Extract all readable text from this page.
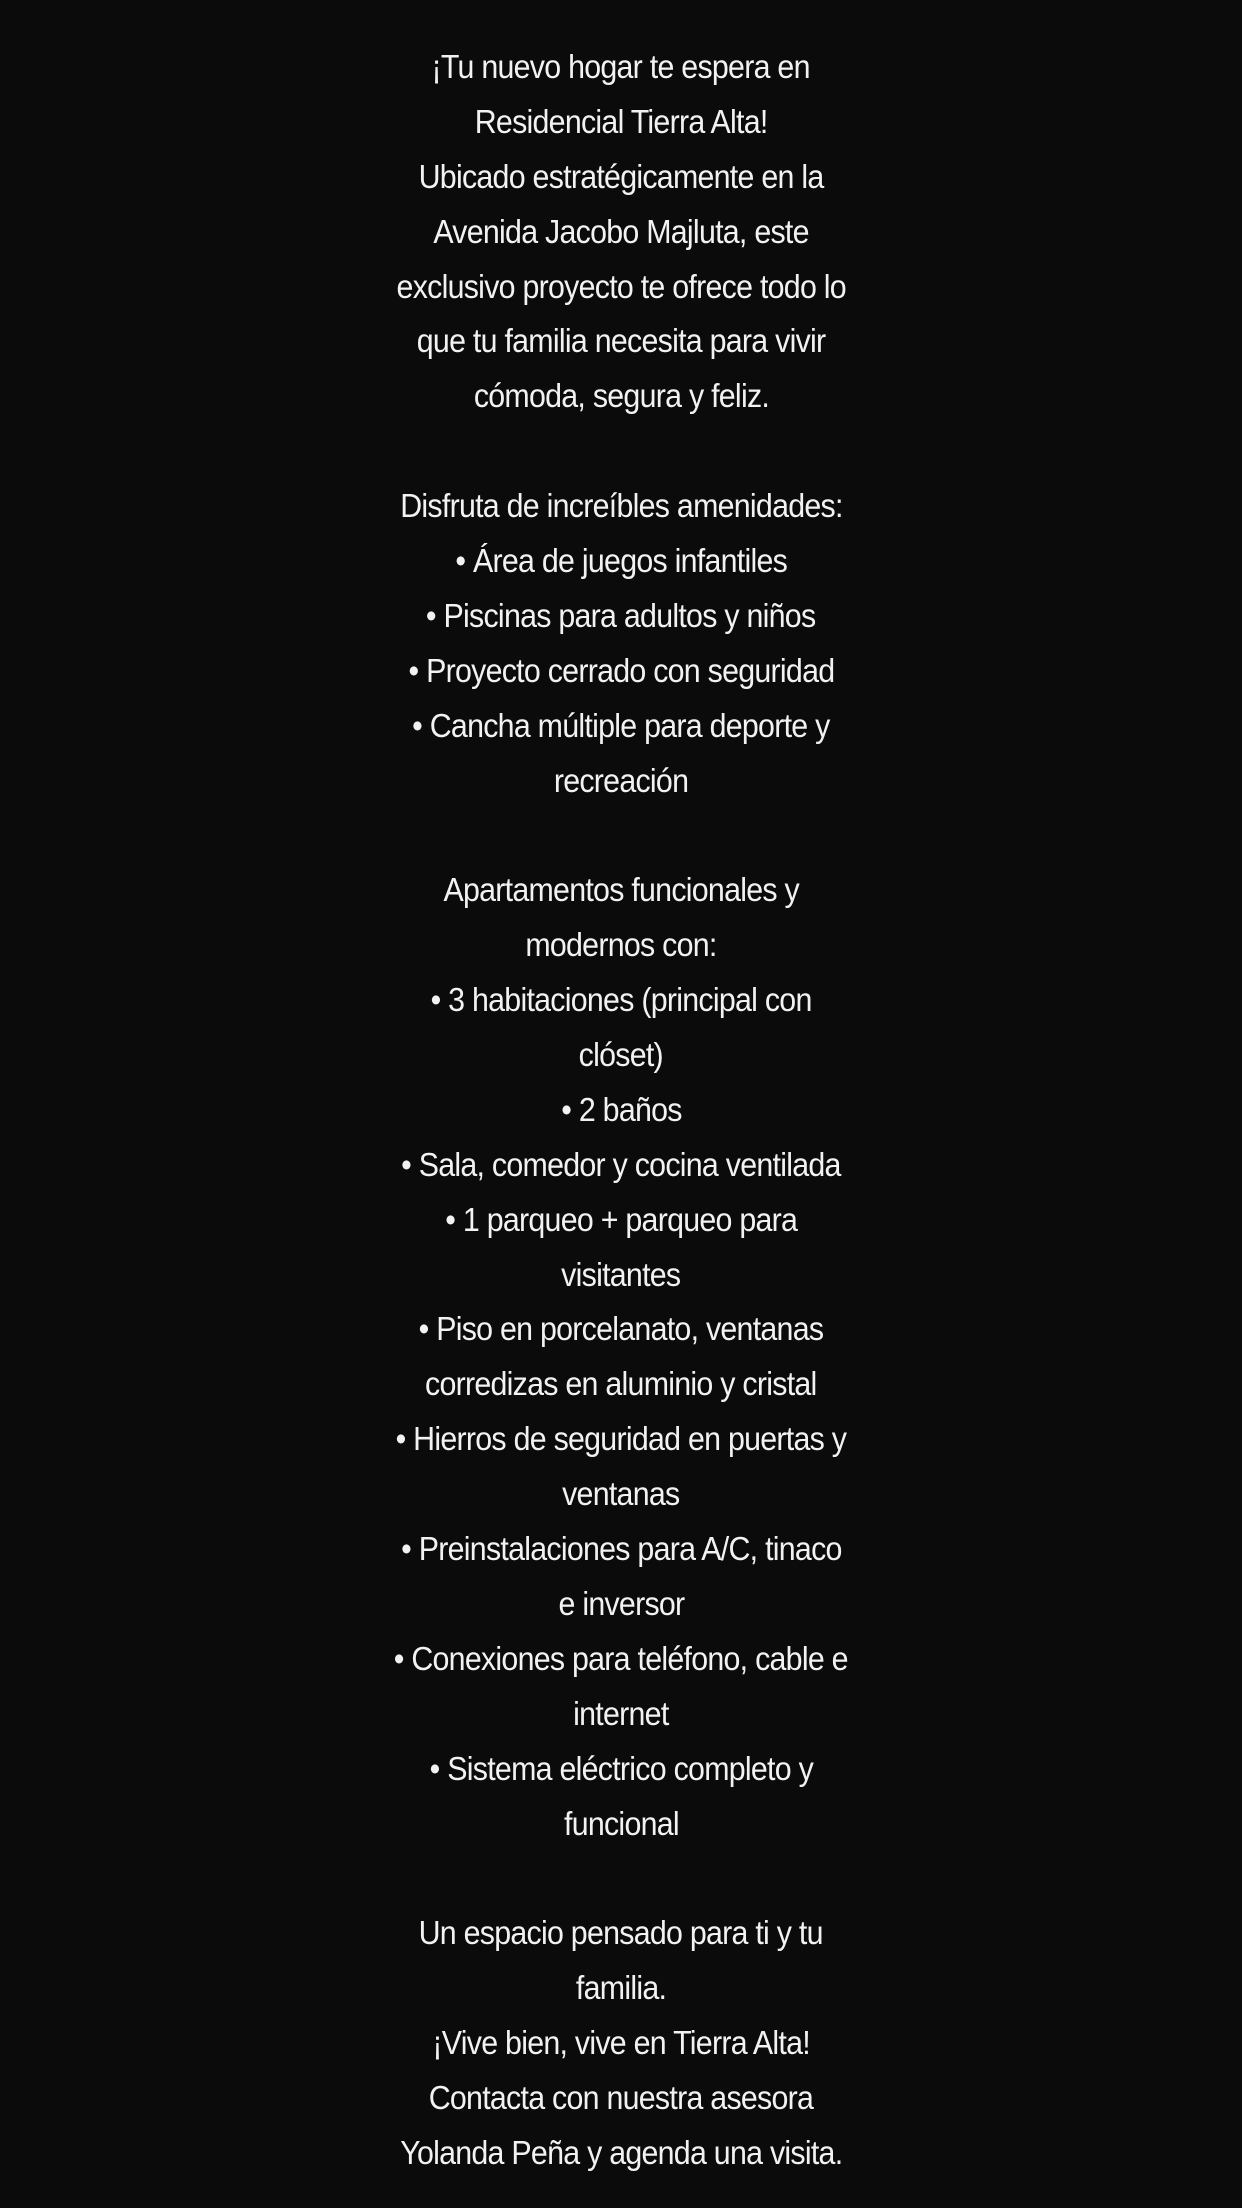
¡Tu nuevo hogar te espera en
Residencial Tierra Alta!
Ubicado estratégicamente en la
Avenida Jacobo Majluta, este
exclusivo proyecto te ofrece todo lo
que tu familia necesita para vivir
cómoda, segura y feliz.
Disfruta de increíbles amenidades:
• Área de juegos infantiles
• Piscinas para adultos y niños
• Proyecto cerrado con seguridad
• Cancha múltiple para deporte y
recreación
Apartamentos funcionales y
modernos con:
• 3 habitaciones (principal con
clóset)
• 2 baños
• Sala, comedor y cocina ventilada
• 1 parqueo + parqueo para
visitantes
• Piso en porcelanato, ventanas
corredizas en aluminio y cristal
• Hierros de seguridad en puertas y
ventanas
• Preinstalaciones para A/C, tinaco
e inversor
• Conexiones para teléfono, cable e
internet
• Sistema eléctrico completo y
funcional
Un espacio pensado para ti y tu
familia.
¡Vive bien, vive en Tierra Alta!
Contacta con nuestra asesora
Yolanda Peña y agenda una visita.
